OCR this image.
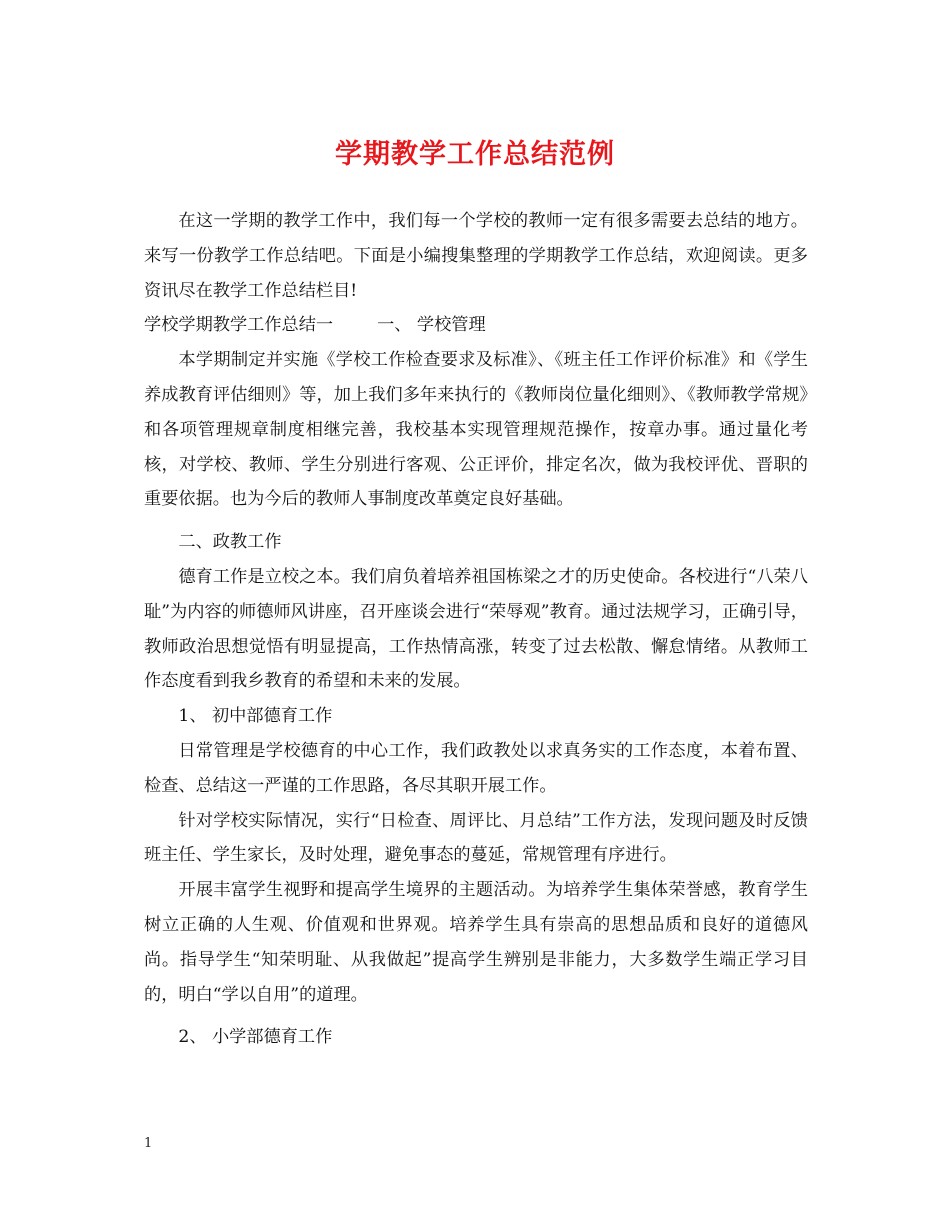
学期教学工作总结范例

在这一学期的教学工作中，我们每一个学校的教师一定有很多需要去总结的地方。来写一份教学工作总结吧。下面是小编搜集整理的学期教学工作总结，欢迎阅读。更多资讯尽在教学工作总结栏目!

学校学期教学工作总结一	一、 学校管理

本学期制定并实施《学校工作检查要求及标准》、《班主任工作评价标准》和《学生养成教育评估细则》等，加上我们多年来执行的《教师岗位量化细则》、《教师教学常规》和各项管理规章制度相继完善，我校基本实现管理规范操作，按章办事。通过量化考核，对学校、教师、学生分别进行客观、公正评价，排定名次，做为我校评优、晋职的重要依据。也为今后的教师人事制度改革奠定良好基础。

二、政教工作

德育工作是立校之本。我们肩负着培养祖国栋梁之才的历史使命。各校进行“八荣八耻”为内容的师德师风讲座，召开座谈会进行“荣辱观”教育。通过法规学习，正确引导，教师政治思想觉悟有明显提高，工作热情高涨，转变了过去松散、懈怠情绪。从教师工作态度看到我乡教育的希望和未来的发展。

1、 初中部德育工作

日常管理是学校德育的中心工作，我们政教处以求真务实的工作态度，本着布置、检查、总结这一严谨的工作思路，各尽其职开展工作。

针对学校实际情况，实行“日检查、周评比、月总结”工作方法，发现问题及时反馈班主任、学生家长，及时处理，避免事态的蔓延，常规管理有序进行。

开展丰富学生视野和提高学生境界的主题活动。为培养学生集体荣誉感，教育学生树立正确的人生观、价值观和世界观。培养学生具有崇高的思想品质和良好的道德风尚。指导学生“知荣明耻、从我做起”提高学生辨别是非能力，大多数学生端正学习目的，明白“学以自用”的道理。

2、 小学部德育工作

1
